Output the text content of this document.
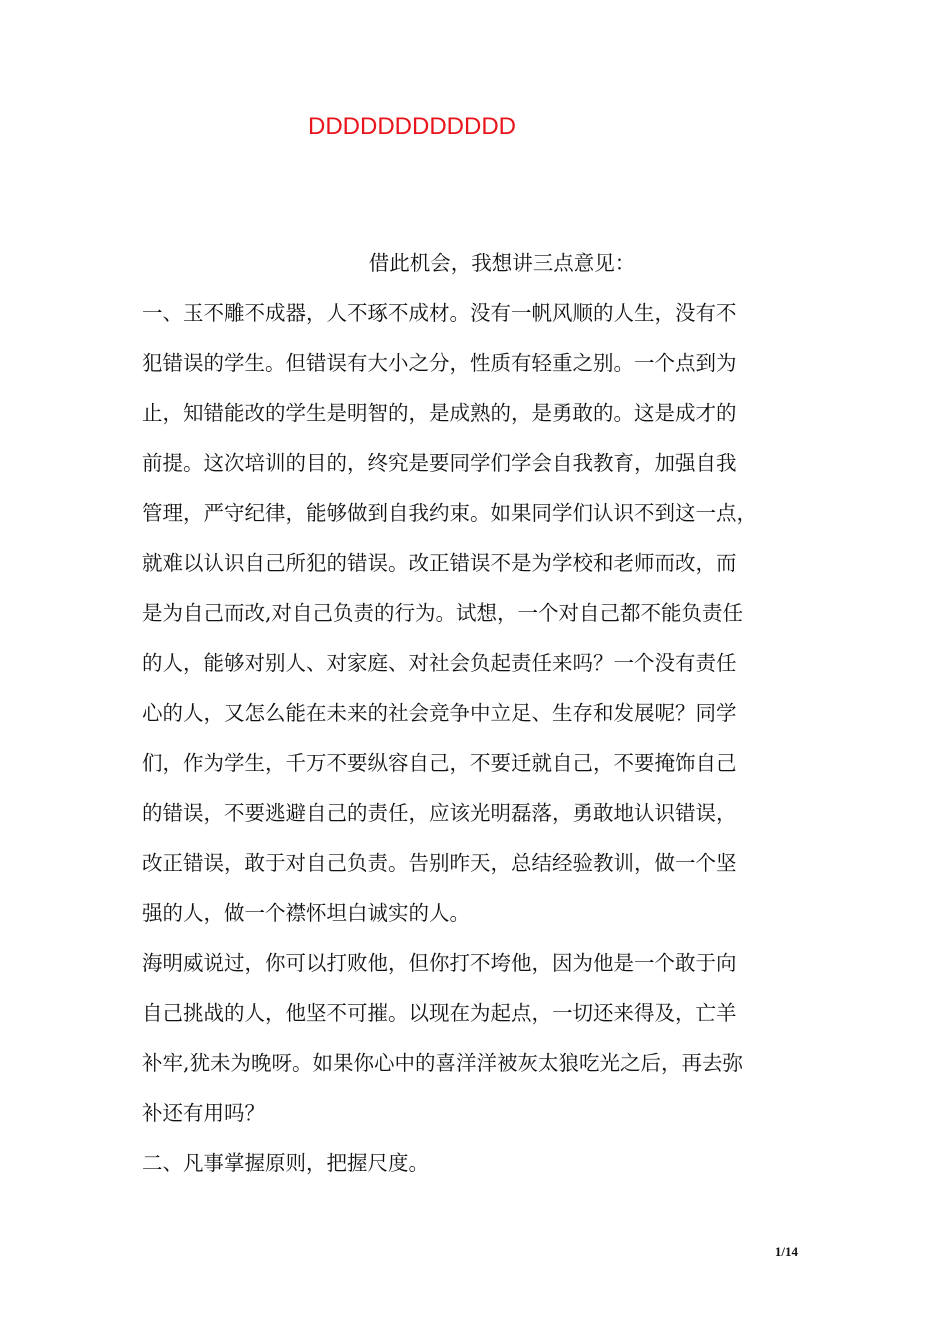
DDDDDDDDDDDD
借此机会，我想讲三点意见：
一、玉不雕不成器，人不琢不成材。没有一帆风顺的人生，没有不
犯错误的学生。但错误有大小之分，性质有轻重之别。一个点到为
止，知错能改的学生是明智的，是成熟的，是勇敢的。这是成才的
前提。这次培训的目的，终究是要同学们学会自我教育，加强自我
管理，严守纪律，能够做到自我约束。如果同学们认识不到这一点，
就难以认识自己所犯的错误。改正错误不是为学校和老师而改，而
是为自己而改,对自己负责的行为。试想，一个对自己都不能负责任
的人，能够对别人、对家庭、对社会负起责任来吗？一个没有责任
心的人，又怎么能在未来的社会竞争中立足、生存和发展呢？同学
们，作为学生，千万不要纵容自己，不要迁就自己，不要掩饰自己
的错误，不要逃避自己的责任，应该光明磊落，勇敢地认识错误，
改正错误，敢于对自己负责。告别昨天，总结经验教训，做一个坚
强的人，做一个襟怀坦白诚实的人。
海明威说过，你可以打败他，但你打不垮他，因为他是一个敢于向
自己挑战的人，他坚不可摧。以现在为起点，一切还来得及，亡羊
补牢,犹未为晚呀。如果你心中的喜洋洋被灰太狼吃光之后，再去弥
补还有用吗？
二、凡事掌握原则，把握尺度。
1/14
